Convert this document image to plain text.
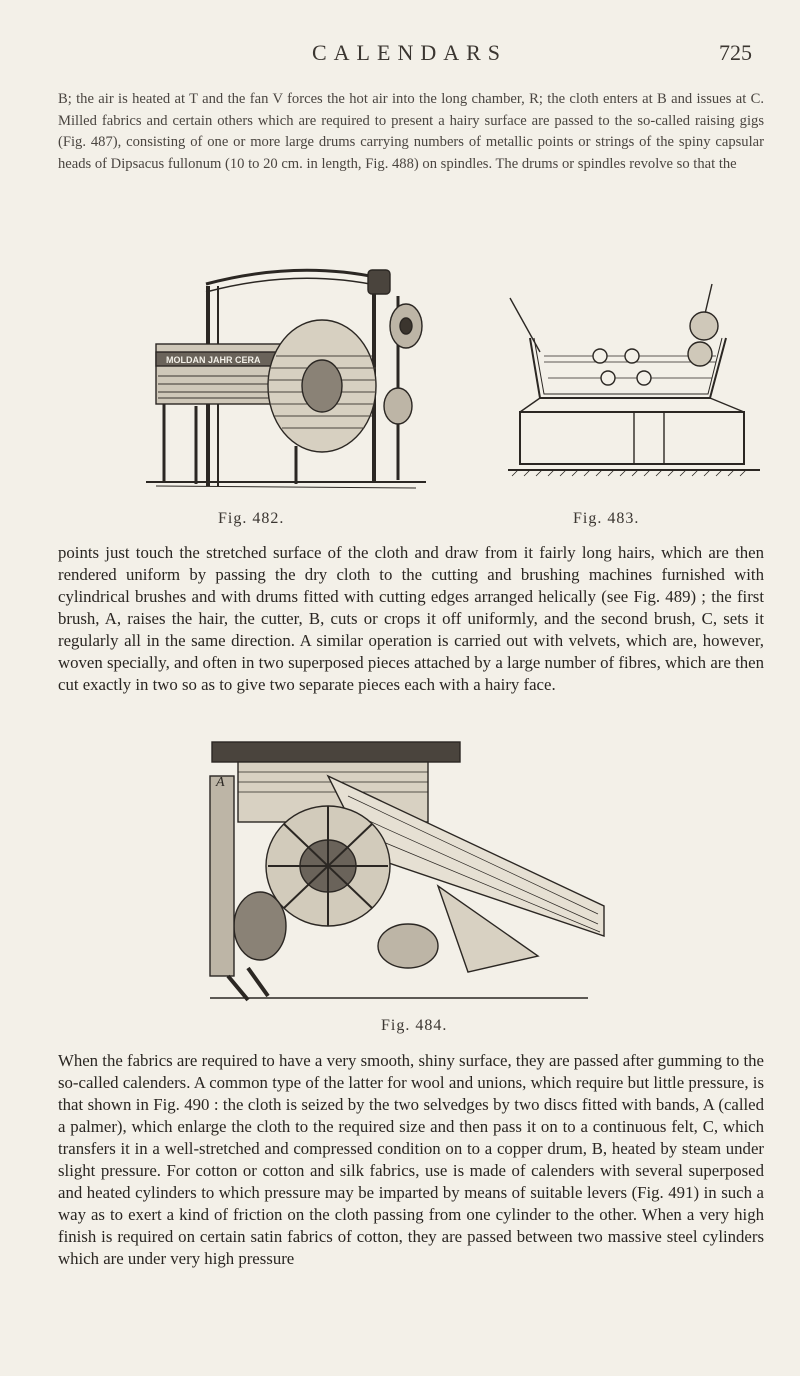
CALENDARS	725

B; the air is heated at T and the fan V forces the hot air into the long chamber, R; the cloth enters at B and issues at C. Milled fabrics and certain others which are required to present a hairy surface are passed to the so-called raising gigs (Fig. 487), consisting of one or more large drums carrying numbers of metallic points or strings of the spiny capsular heads of Dipsacus fullonum (10 to 20 cm. in length, Fig. 488) on spindles. The drums or spindles revolve so that the

MOLDAN JAHR CERA
Fig. 482.	Fig. 483.

points just touch the stretched surface of the cloth and draw from it fairly long hairs, which are then rendered uniform by passing the dry cloth to the cutting and brushing machines furnished with cylindrical brushes and with drums fitted with cutting edges arranged helically (see Fig. 489) ; the first brush, A, raises the hair, the cutter, B, cuts or crops it off uniformly, and the second brush, C, sets it regularly all in the same direction. A similar operation is carried out with velvets, which are, however, woven specially, and often in two superposed pieces attached by a large number of fibres, which are then cut exactly in two so as to give two separate pieces each with a hairy face.

A
Fig. 484.

When the fabrics are required to have a very smooth, shiny surface, they are passed after gumming to the so-called calenders. A common type of the latter for wool and unions, which require but little pressure, is that shown in Fig. 490 : the cloth is seized by the two selvedges by two discs fitted with bands, A (called a palmer), which enlarge the cloth to the required size and then pass it on to a continuous felt, C, which transfers it in a well-stretched and compressed condition on to a copper drum, B, heated by steam under slight pressure. For cotton or cotton and silk fabrics, use is made of calenders with several superposed and heated cylinders to which pressure may be imparted by means of suitable levers (Fig. 491) in such a way as to exert a kind of friction on the cloth passing from one cylinder to the other. When a very high finish is required on certain satin fabrics of cotton, they are passed between two massive steel cylinders which are under very high pressure
